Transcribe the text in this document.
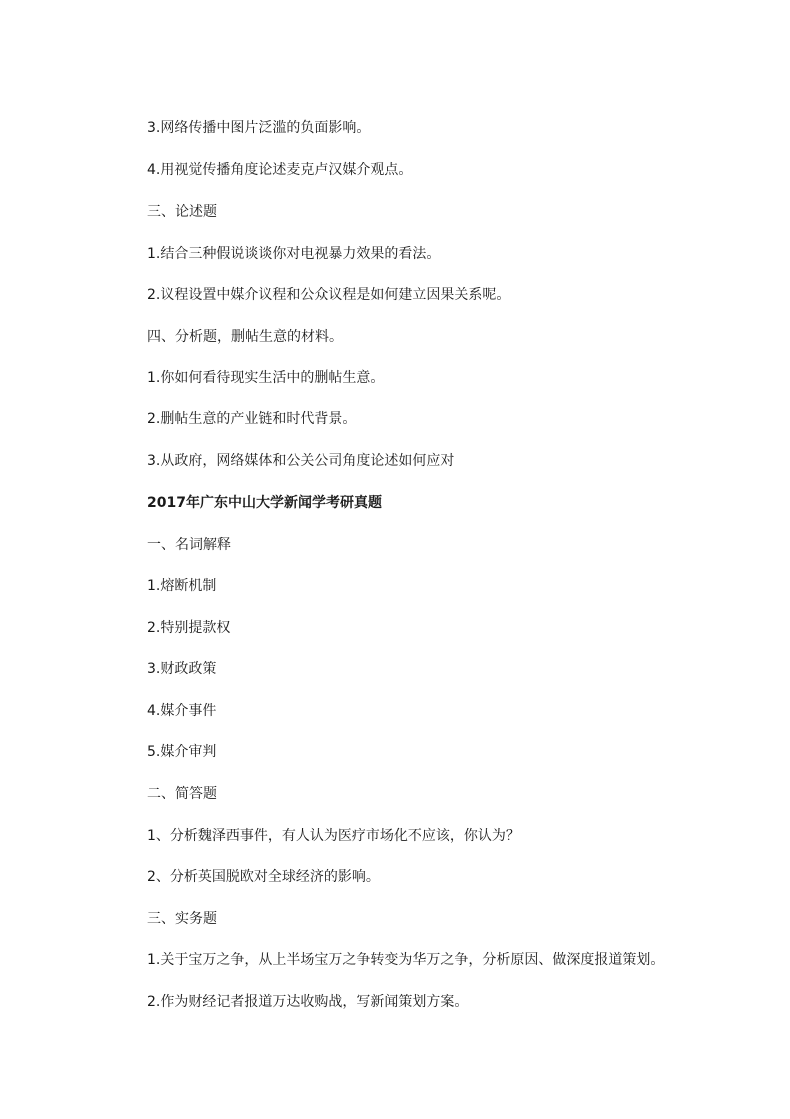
3.网络传播中图片泛滥的负面影响。
4.用视觉传播角度论述麦克卢汉媒介观点。
三、论述题
1.结合三种假说谈谈你对电视暴力效果的看法。
2.议程设置中媒介议程和公众议程是如何建立因果关系呢。
四、分析题，删帖生意的材料。
1.你如何看待现实生活中的删帖生意。
2.删帖生意的产业链和时代背景。
3.从政府，网络媒体和公关公司角度论述如何应对
2017年广东中山大学新闻学考研真题
一、名词解释
1.熔断机制
2.特别提款权
3.财政政策
4.媒介事件
5.媒介审判
二、简答题
1、分析魏泽西事件，有人认为医疗市场化不应该，你认为？
2、分析英国脱欧对全球经济的影响。
三、实务题
1.关于宝万之争，从上半场宝万之争转变为华万之争，分析原因、做深度报道策划。
2.作为财经记者报道万达收购战，写新闻策划方案。
